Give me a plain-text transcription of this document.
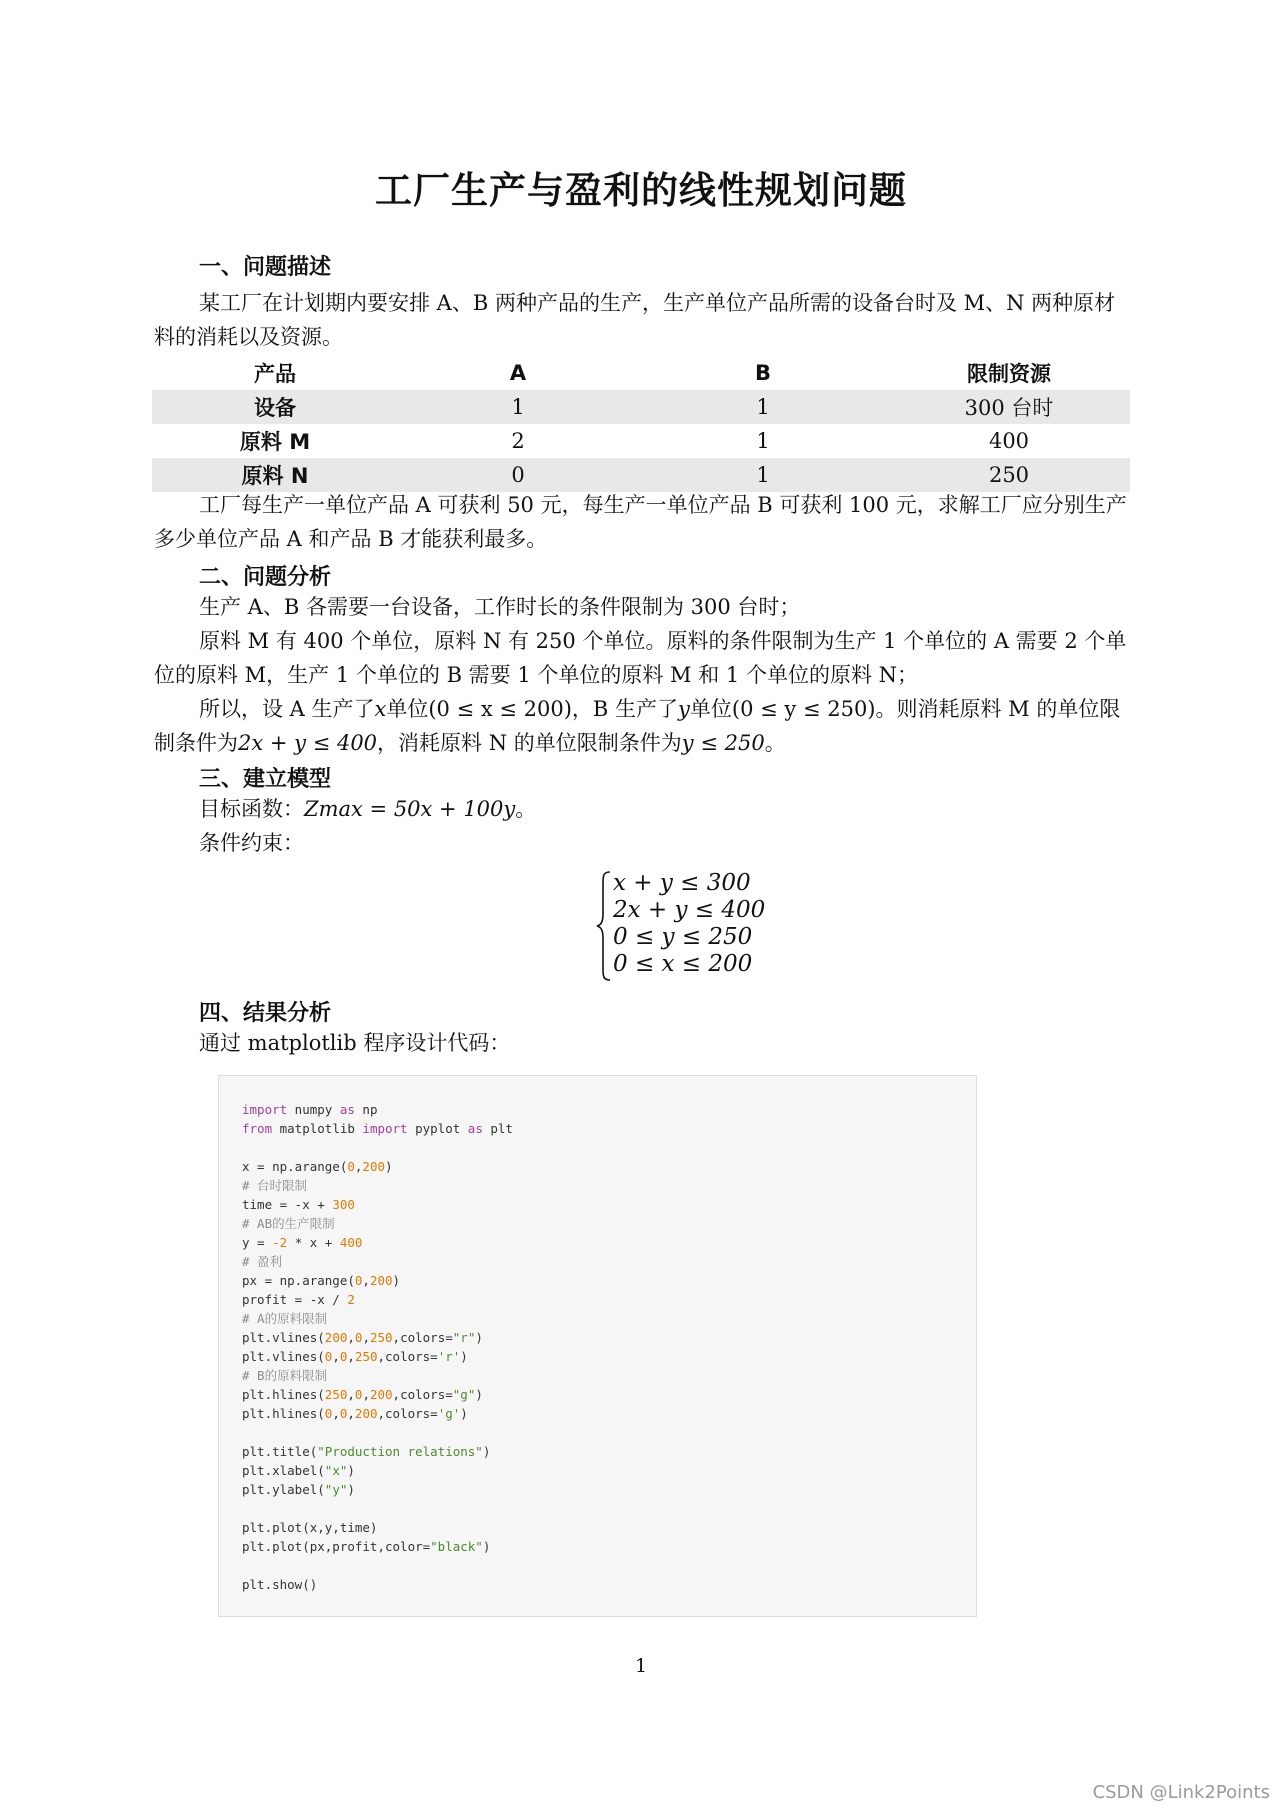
工厂生产与盈利的线性规划问题
一、问题描述
某工厂在计划期内要安排 A、B 两种产品的生产，生产单位产品所需的设备台时及 M、N 两种原材料的消耗以及资源。
产品	A	B	限制资源
设备	1	1	300 台时
原料 M	2	1	400
原料 N	0	1	250
工厂每生产一单位产品 A 可获利 50 元，每生产一单位产品 B 可获利 100 元，求解工厂应分别生产多少单位产品 A 和产品 B 才能获利最多。
二、问题分析
生产 A、B 各需要一台设备，工作时长的条件限制为 300 台时；
原料 M 有 400 个单位，原料 N 有 250 个单位。原料的条件限制为生产 1 个单位的 A 需要 2 个单位的原料 M，生产 1 个单位的 B 需要 1 个单位的原料 M 和 1 个单位的原料 N；
所以，设 A 生产了x单位(0 ≤ x ≤ 200)，B 生产了y单位(0 ≤ y ≤ 250)。则消耗原料 M 的单位限制条件为2x + y ≤ 400，消耗原料 N 的单位限制条件为y ≤ 250。
三、建立模型
目标函数：Zmax = 50x + 100y。
条件约束：
x + y ≤ 300
2x + y ≤ 400
0 ≤ y ≤ 250
0 ≤ x ≤ 200
四、结果分析
通过 matplotlib 程序设计代码：
import numpy as np
from matplotlib import pyplot as plt

x = np.arange(0,200)
# 台时限制
time = -x + 300
# AB的生产限制
y = -2 * x + 400
# 盈利
px = np.arange(0,200)
profit = -x / 2
# A的原料限制
plt.vlines(200,0,250,colors="r")
plt.vlines(0,0,250,colors='r')
# B的原料限制
plt.hlines(250,0,200,colors="g")
plt.hlines(0,0,200,colors='g')

plt.title("Production relations")
plt.xlabel("x")
plt.ylabel("y")

plt.plot(x,y,time)
plt.plot(px,profit,color="black")

plt.show()
1
CSDN @Link2Points
